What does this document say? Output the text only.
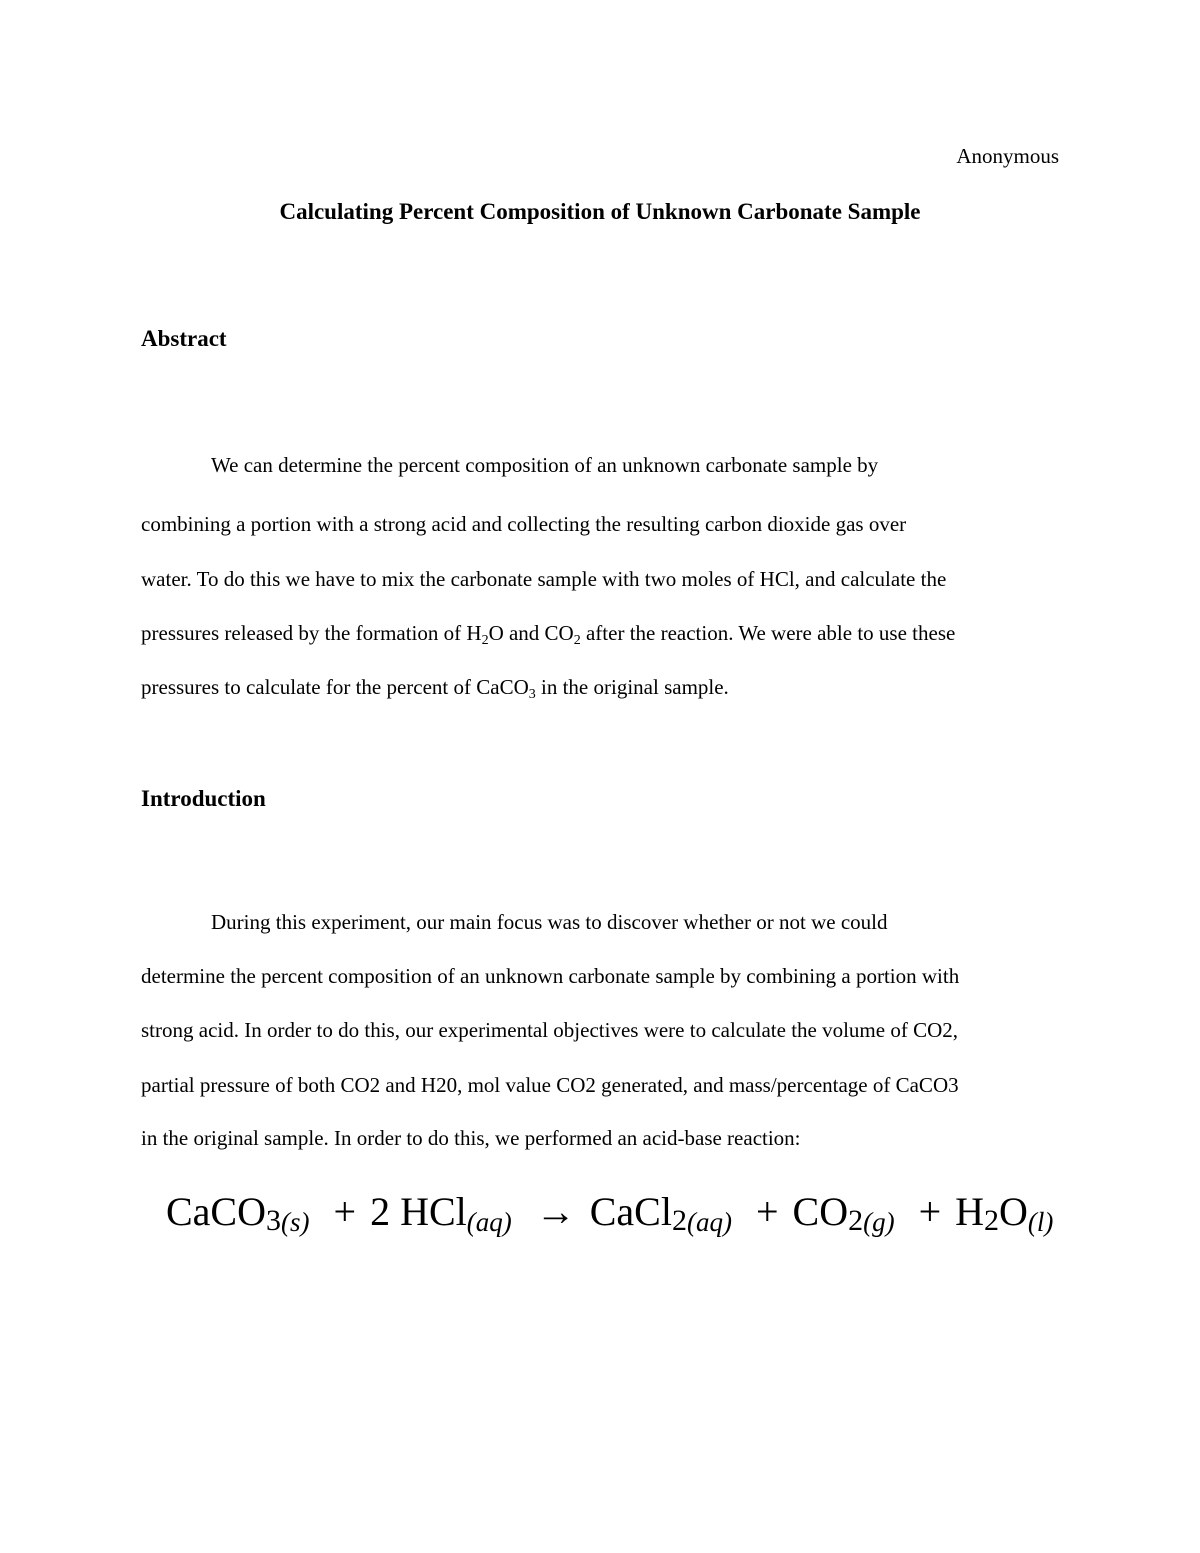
Anonymous
Calculating Percent Composition of Unknown Carbonate Sample
Abstract
We can determine the percent composition of an unknown carbonate sample by
combining a portion with a strong acid and collecting the resulting carbon dioxide gas over
water. To do this we have to mix the carbonate sample with two moles of HCl, and calculate the
pressures released by the formation of $H_2O$ and $CO_2$ after the reaction. We were able to use these
pressures to calculate for the percent of CaCO$_3$ in the original sample.
Introduction
During this experiment, our main focus was to discover whether or not we could
determine the percent composition of an unknown carbonate sample by combining a portion with
strong acid. In order to do this, our experimental objectives were to calculate the volume of CO2,
partial pressure of both CO2 and H20, mol value CO2 generated, and mass/percentage of CaCO3
in the original sample. In order to do this, we performed an acid-base reaction:
CaCO3(s) + 2 HCl(aq) → CaCl2(aq) + CO2(g) + H2O(l)
